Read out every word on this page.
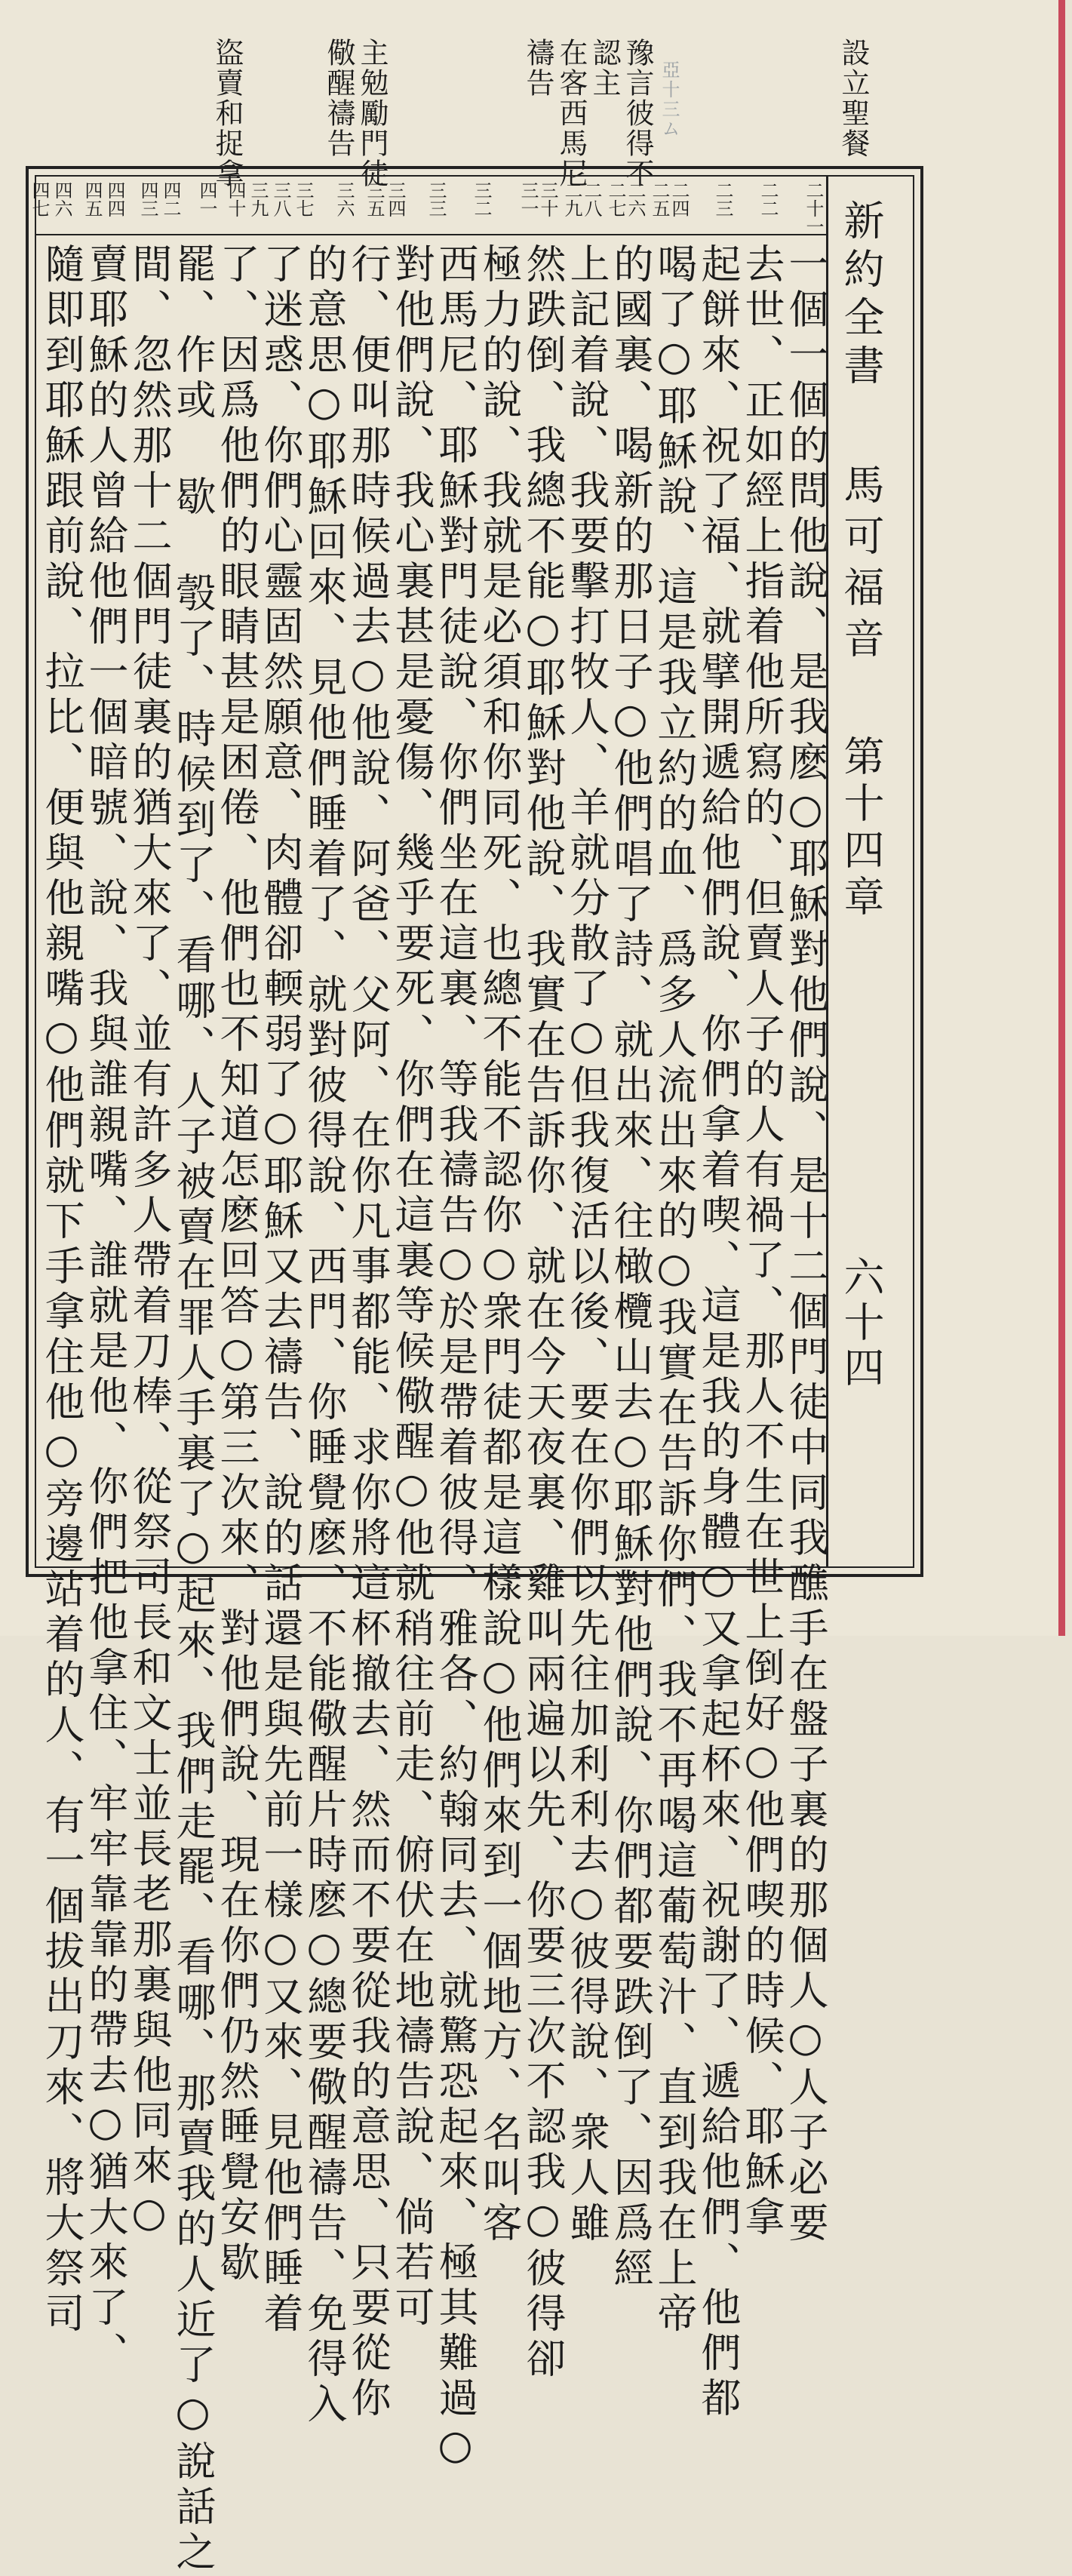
設立聖餐
亞十三ム
豫言彼得不
認主
在客西馬尼
禱告
主勉勵門徒
儆醒禱告
盜賣和捉拿
新約全書
馬可福音
第十四章
六十四
二十一
二二
二三
二四
二五
二六
二七
二八
二九
三十
三一
三二
三三
三四
三五
三六
三七
三八
三九
四十
四一
四二
四三
四四
四五
四六
四七
一個一個的問他說、是我麽○耶穌對他們說、是十二個門徒中同我醮手在盤子裏的那個人○人子必要
去世、正如經上指着他所寫的、但賣人子的人有禍了、那人不生在世上倒好○他們喫的時候、耶穌拿
起餅來、祝了福、就擘開遞給他們說、你們拿着喫、這是我的身體○又拿起杯來、祝謝了、遞給他們、他們都
喝了○耶穌說、這是我立約的血、爲多人流出來的○我實在告訴你們、我不再喝這葡萄汁、直到我在上帝
的國裏、喝新的那日子○他們唱了詩、就出來、往橄欖山去○耶穌對他們說、你們都要跌倒了、因爲經
上記着說、我要擊打牧人、羊就分散了○但我復活以後、要在你們以先往加利利去○彼得說、衆人雖
然跌倒、我總不能○耶穌對他說、我實在告訴你、就在今天夜裏、雞叫兩遍以先、你要三次不認我○彼得卻
極力的說、我就是必須和你同死、也總不能不認你○衆門徒都是這樣說○他們來到一個地方、名叫客
西馬尼、耶穌對門徒說、你們坐在這裏、等我禱告○於是帶着彼得、雅各、約翰同去、就驚恐起來、極其難過○
對他們說、我心裏甚是憂傷、幾乎要死、你們在這裏等候儆醒○他就稍往前走、俯伏在地禱告說、倘若可
行、便叫那時候過去○他說、阿爸、父阿、在你凡事都能、求你將這杯撤去、然而不要從我的意思、只要從你
的意思○耶穌回來、見他們睡着了、就對彼得說、西門、你睡覺麽、不能儆醒片時麽○總要儆醒禱告、免得入
了迷惑、你們心靈固然願意、肉體卻輭弱了○耶穌又去禱告、說的話還是與先前一樣○又來、見他們睡着
了、因爲他們的眼睛甚是困倦、他們也不知道怎麽回答○第三次來、對他們說、現在你們仍然睡覺安歇
罷、作或 歇 彀了、時候到了、看哪、人子被賣在罪人手裏了○起來、我們走罷、看哪、那賣我的人近了○說話之
間、忽然那十二個門徒裏的猶大來了、並有許多人帶着刀棒、從祭司長和文士並長老那裏與他同來○
賣耶穌的人曾給他們一個暗號、說、我與誰親嘴、誰就是他、你們把他拿住、牢牢靠靠的帶去○猶大來了、
隨即到耶穌跟前說、拉比、便與他親嘴○他們就下手拿住他○旁邊站着的人、有一個拔出刀來、將大祭司
